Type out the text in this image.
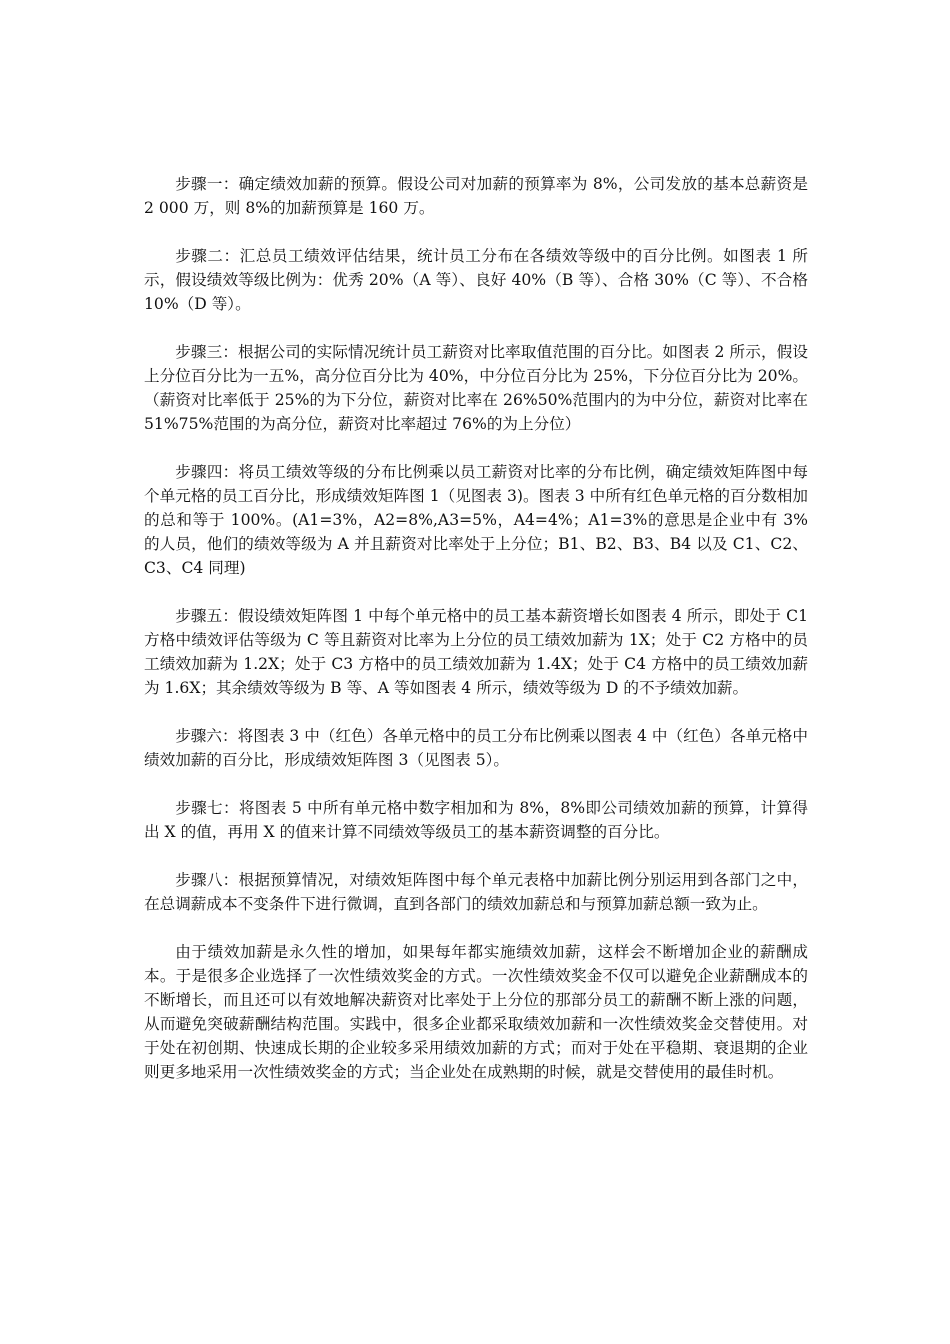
步骤一：确定绩效加薪的预算。假设公司对加薪的预算率为 8%，公司发放的基本总薪资是 2 000 万，则 8%的加薪预算是 160 万。

步骤二：汇总员工绩效评估结果，统计员工分布在各绩效等级中的百分比例。如图表 1 所示，假设绩效等级比例为：优秀 20%（A 等）、良好 40%（B 等）、合格 30%（C 等）、不合格 10%（D 等）。

步骤三：根据公司的实际情况统计员工薪资对比率取值范围的百分比。如图表 2 所示，假设上分位百分比为一五%，高分位百分比为 40%，中分位百分比为 25%，下分位百分比为 20%。（薪资对比率低于 25%的为下分位，薪资对比率在 26%50%范围内的为中分位，薪资对比率在 51%75%范围的为高分位，薪资对比率超过 76%的为上分位）

步骤四：将员工绩效等级的分布比例乘以员工薪资对比率的分布比例，确定绩效矩阵图中每个单元格的员工百分比，形成绩效矩阵图 1（见图表 3)。图表 3 中所有红色单元格的百分数相加的总和等于 100%。(A1=3%，A2=8%,A3=5%，A4=4%；A1=3%的意思是企业中有 3%的人员，他们的绩效等级为 A 并且薪资对比率处于上分位；B1、B2、B3、B4 以及 C1、C2、C3、C4 同理)

步骤五：假设绩效矩阵图 1 中每个单元格中的员工基本薪资增长如图表 4 所示，即处于 C1 方格中绩效评估等级为 C 等且薪资对比率为上分位的员工绩效加薪为 1X；处于 C2 方格中的员工绩效加薪为 1.2X；处于 C3 方格中的员工绩效加薪为 1.4X；处于 C4 方格中的员工绩效加薪为 1.6X；其余绩效等级为 B 等、A 等如图表 4 所示，绩效等级为 D 的不予绩效加薪。

步骤六：将图表 3 中（红色）各单元格中的员工分布比例乘以图表 4 中（红色）各单元格中绩效加薪的百分比，形成绩效矩阵图 3（见图表 5）。

步骤七：将图表 5 中所有单元格中数字相加和为 8%，8%即公司绩效加薪的预算，计算得出 X 的值，再用 X 的值来计算不同绩效等级员工的基本薪资调整的百分比。

步骤八：根据预算情况，对绩效矩阵图中每个单元表格中加薪比例分别运用到各部门之中，在总调薪成本不变条件下进行微调，直到各部门的绩效加薪总和与预算加薪总额一致为止。

由于绩效加薪是永久性的增加，如果每年都实施绩效加薪，这样会不断增加企业的薪酬成本。于是很多企业选择了一次性绩效奖金的方式。一次性绩效奖金不仅可以避免企业薪酬成本的不断增长，而且还可以有效地解决薪资对比率处于上分位的那部分员工的薪酬不断上涨的问题，从而避免突破薪酬结构范围。实践中，很多企业都采取绩效加薪和一次性绩效奖金交替使用。对于处在初创期、快速成长期的企业较多采用绩效加薪的方式；而对于处在平稳期、衰退期的企业则更多地采用一次性绩效奖金的方式；当企业处在成熟期的时候，就是交替使用的最佳时机。
